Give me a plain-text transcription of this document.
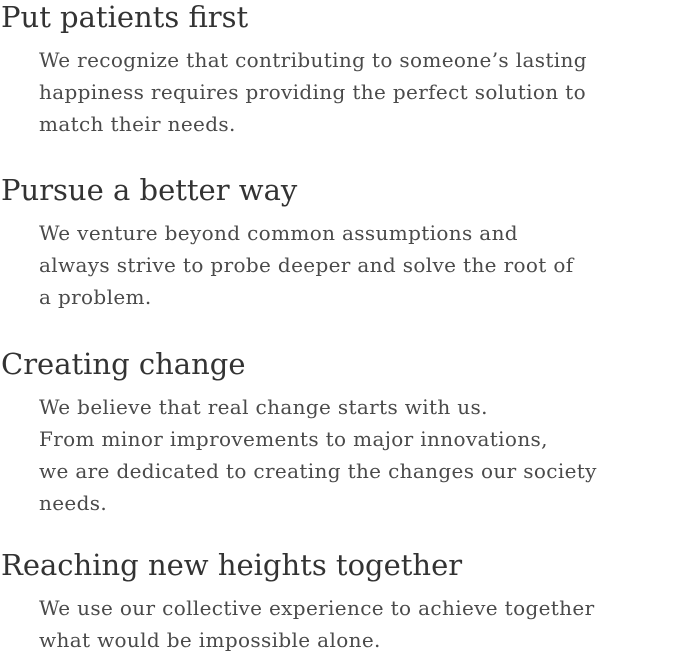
Put patients first

We recognize that contributing to someone’s lasting
happiness requires providing the perfect solution to
match their needs.

Pursue a better way

We venture beyond common assumptions and
always strive to probe deeper and solve the root of
a problem.

Creating change

We believe that real change starts with us.
From minor improvements to major innovations,
we are dedicated to creating the changes our society
needs.

Reaching new heights together

We use our collective experience to achieve together
what would be impossible alone.
